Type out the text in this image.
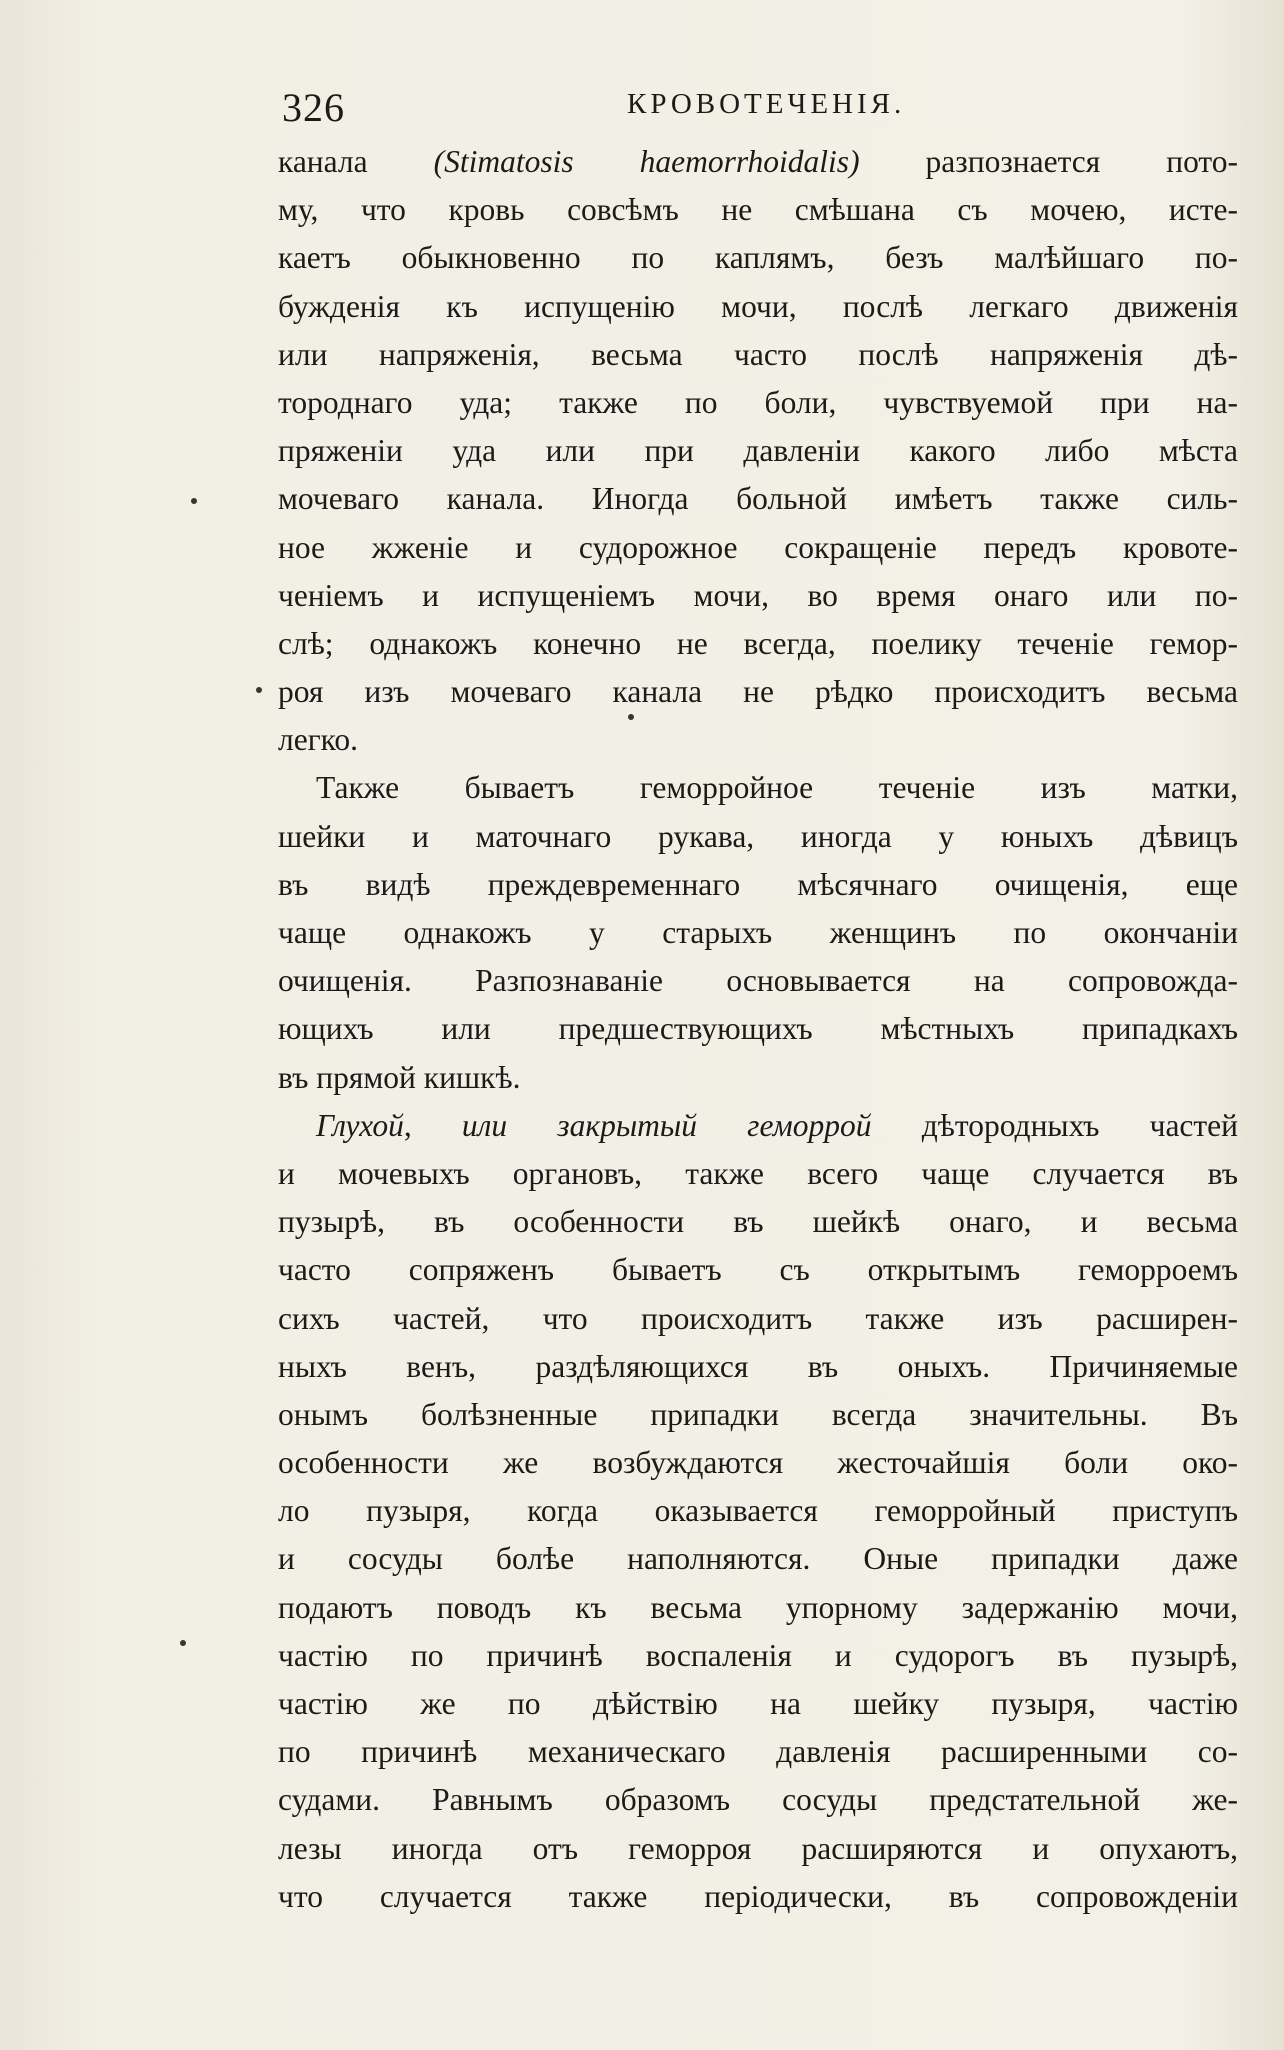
326	КРОВОТЕЧЕНІЯ.
канала (Stimatosis haemorrhoidalis) разпознается пото-
му, что кровь совсѣмъ не смѣшана съ мочею, исте-
каетъ обыкновенно по каплямъ, безъ малѣйшаго по-
бужденія къ испущенію мочи, послѣ легкаго движенія
или напряженія, весьма часто послѣ напряженія дѣ-
тороднаго уда; также по боли, чувствуемой при на-
пряженіи уда или при давленіи какого либо мѣста
мочеваго канала. Иногда больной имѣетъ также силь-
ное жженіе и судорожное сокращеніе передъ кровоте-
ченіемъ и испущеніемъ мочи, во время онаго или по-
слѣ; однакожъ конечно не всегда, поелику теченіе гемор-
роя изъ мочеваго канала не рѣдко происходитъ весьма
легко.
Также бываетъ геморройное теченіе изъ матки,
шейки и маточнаго рукава, иногда у юныхъ дѣвицъ
въ видѣ преждевременнаго мѣсячнаго очищенія, еще
чаще однакожъ у старыхъ женщинъ по окончаніи
очищенія. Разпознаваніе основывается на сопровожда-
ющихъ или предшествующихъ мѣстныхъ припадкахъ
въ прямой кишкѣ.
Глухой, или закрытый геморрой дѣтородныхъ частей
и мочевыхъ органовъ, также всего чаще случается въ
пузырѣ, въ особенности въ шейкѣ онаго, и весьма
часто сопряженъ бываетъ съ открытымъ геморроемъ
сихъ частей, что происходитъ также изъ расширен-
ныхъ венъ, раздѣляющихся въ оныхъ. Причиняемые
онымъ болѣзненные припадки всегда значительны. Въ
особенности же возбуждаются жесточайшія боли око-
ло пузыря, когда оказывается геморройный приступъ
и сосуды болѣе наполняются. Оные припадки даже
подаютъ поводъ къ весьма упорному задержанію мочи,
частію по причинѣ воспаленія и судорогъ въ пузырѣ,
частію же по дѣйствію на шейку пузыря, частію
по причинѣ механическаго давленія расширенными со-
судами. Равнымъ образомъ сосуды предстательной же-
лезы иногда отъ геморроя расширяются и опухаютъ,
что случается также періодически, въ сопровожденіи
